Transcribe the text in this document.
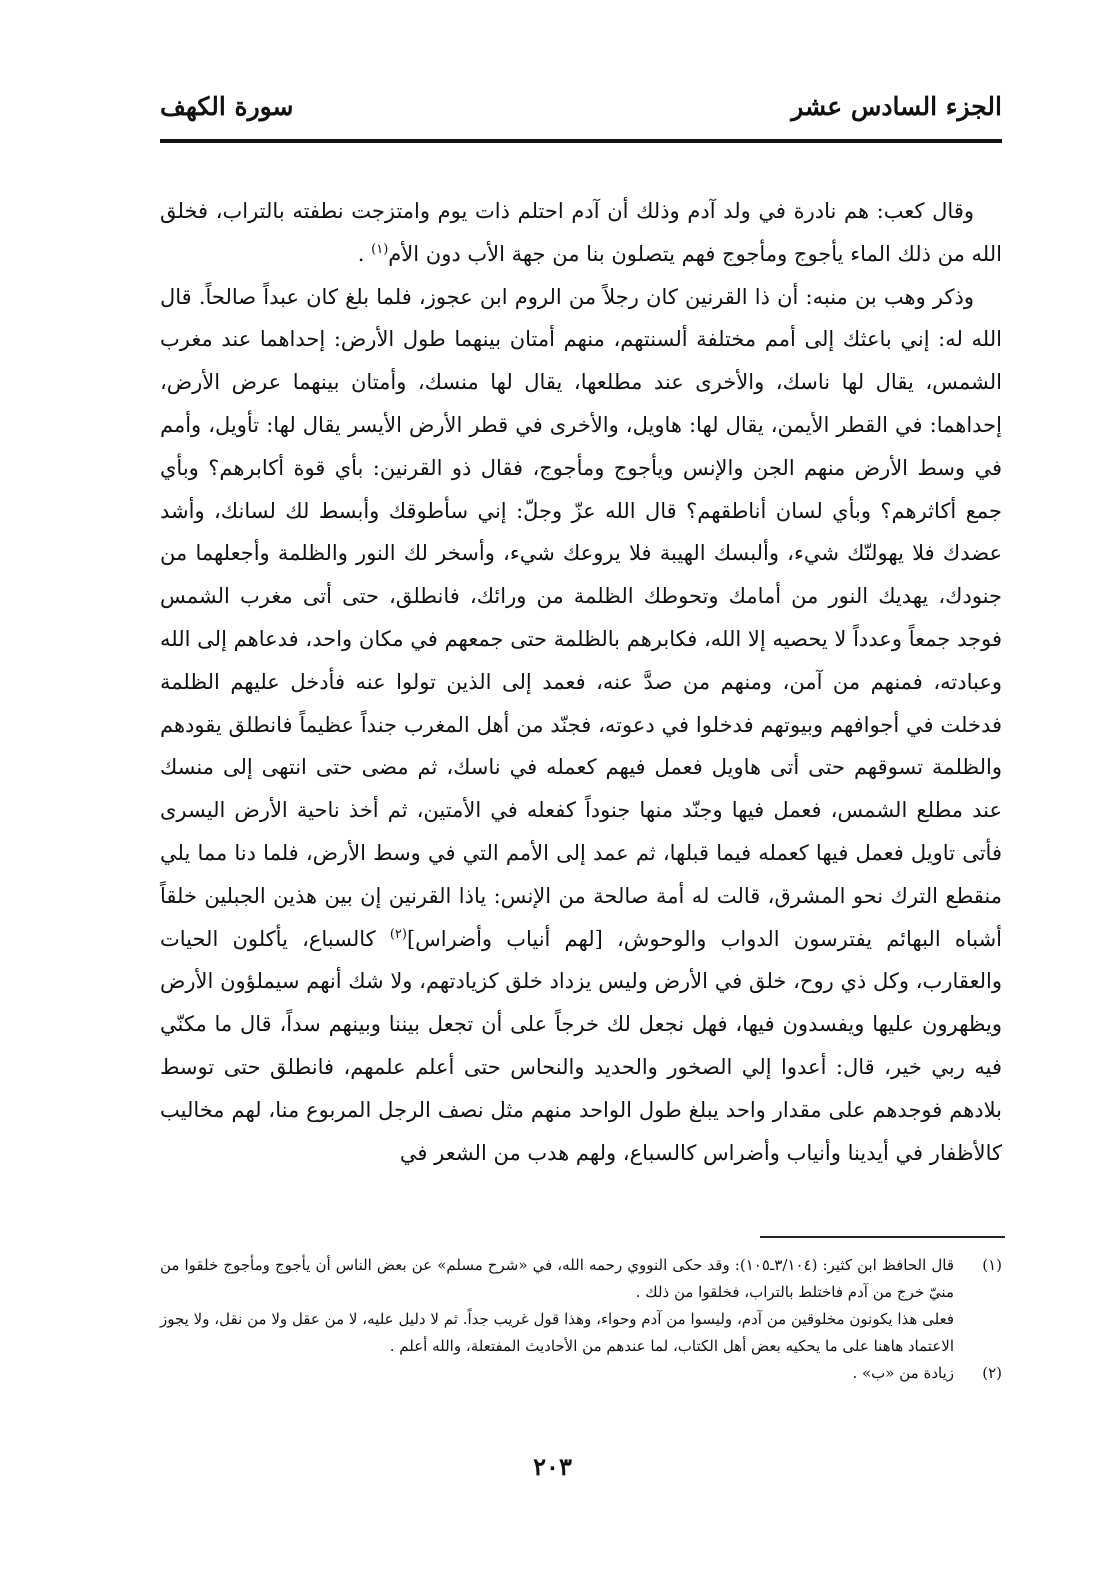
الجزء السادس عشر
سورة الكهف

وقال كعب: هم نادرة في ولد آدم وذلك أن آدم احتلم ذات يوم وامتزجت نطفته بالتراب، فخلق الله من ذلك الماء يأجوج ومأجوج فهم يتصلون بنا من جهة الأب دون الأم$^{(١)}$ .

وذكر وهب بن منبه: أن ذا القرنين كان رجلاً من الروم ابن عجوز، فلما بلغ كان عبداً صالحاً. قال الله له: إني باعثك إلى أمم مختلفة ألسنتهم، منهم أمتان بينهما طول الأرض: إحداهما عند مغرب الشمس، يقال لها ناسك، والأخرى عند مطلعها، يقال لها منسك، وأمتان بينهما عرض الأرض، إحداهما: في القطر الأيمن، يقال لها: هاويل، والأخرى في قطر الأرض الأيسر يقال لها: تأويل، وأمم في وسط الأرض منهم الجن والإنس ويأجوج ومأجوج، فقال ذو القرنين: بأي قوة أكابرهم؟ وبأي جمع أكاثرهم؟ وبأي لسان أناطقهم؟ قال الله عزّ وجلّ: إني سأطوقك وأبسط لك لسانك، وأشد عضدك فلا يهولنّك شيء، وألبسك الهيبة فلا يروعك شيء، وأسخر لك النور والظلمة وأجعلهما من جنودك، يهديك النور من أمامك وتحوطك الظلمة من ورائك، فانطلق، حتى أتى مغرب الشمس فوجد جمعاً وعدداً لا يحصيه إلا الله، فكابرهم بالظلمة حتى جمعهم في مكان واحد، فدعاهم إلى الله وعبادته، فمنهم من آمن، ومنهم من صدَّ عنه، فعمد إلى الذين تولوا عنه فأدخل عليهم الظلمة فدخلت في أجوافهم وبيوتهم فدخلوا في دعوته، فجنّد من أهل المغرب جنداً عظيماً فانطلق يقودهم والظلمة تسوقهم حتى أتى هاويل فعمل فيهم كعمله في ناسك، ثم مضى حتى انتهى إلى منسك عند مطلع الشمس، فعمل فيها وجنّد منها جنوداً كفعله في الأمتين، ثم أخذ ناحية الأرض اليسرى فأتى تاويل فعمل فيها كعمله فيما قبلها، ثم عمد إلى الأمم التي في وسط الأرض، فلما دنا مما يلي منقطع الترك نحو المشرق، قالت له أمة صالحة من الإنس: ياذا القرنين إن بين هذين الجبلين خلقاً أشباه البهائم يفترسون الدواب والوحوش، [لهم أنياب وأضراس]$^{(٢)}$ كالسباع، يأكلون الحيات والعقارب، وكل ذي روح، خلق في الأرض وليس يزداد خلق كزيادتهم، ولا شك أنهم سيملؤون الأرض ويظهرون عليها ويفسدون فيها، فهل نجعل لك خرجاً على أن تجعل بيننا وبينهم سداً، قال ما مكنّي فيه ربي خير، قال: أعدوا إلي الصخور والحديد والنحاس حتى أعلم علمهم، فانطلق حتى توسط بلادهم فوجدهم على مقدار واحد يبلغ طول الواحد منهم مثل نصف الرجل المربوع منا، لهم مخاليب كالأظفار في أيدينا وأنياب وأضراس كالسباع، ولهم هدب من الشعر في

(١)

قال الحافظ ابن كثير: (٣/١٠٤ـ١٠٥): وقد حكى النووي رحمه الله، في «شرح مسلم» عن بعض الناس أن يأجوج ومأجوج خلقوا من منيّ خرج من آدم فاختلط بالتراب، فخلقوا من ذلك .

فعلى هذا يكونون مخلوقين من آدم، وليسوا من آدم وحواء، وهذا قول غريب جداً. ثم لا دليل عليه، لا من عقل ولا من نقل، ولا يجوز الاعتماد هاهنا على ما يحكيه بعض أهل الكتاب، لما عندهم من الأحاديث المفتعلة، والله أعلم .

(٢)

زيادة من «ب» .

٢٠٣
